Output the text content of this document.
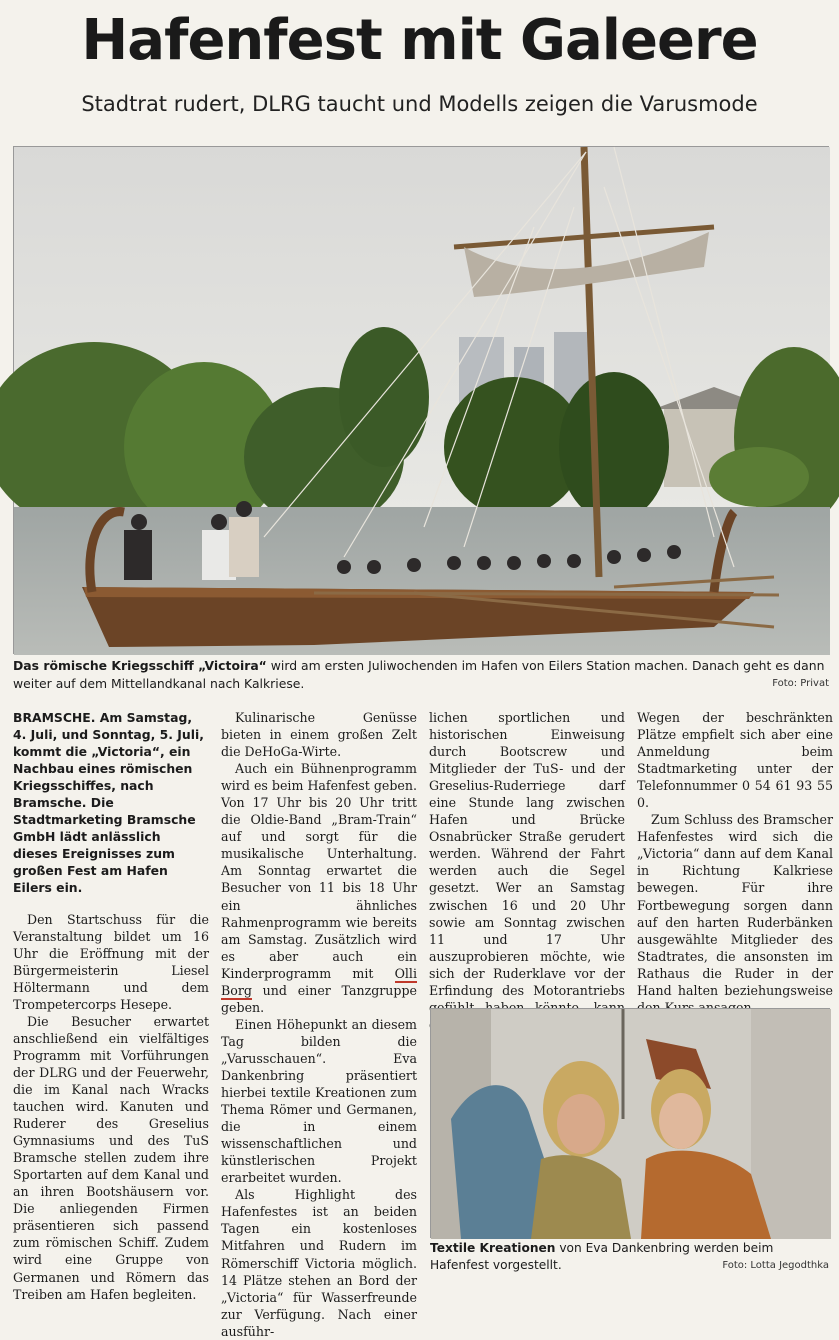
Hafenfest mit Galeere
Stadtrat rudert, DLRG taucht und Modells zeigen die Varusmode
Das römische Kriegsschiff „Victoira“ wird am ersten Juliwochenden im Hafen von Eilers Station machen. Danach geht es dann weiter auf dem Mittellandkanal nach Kalkriese.	Foto: Privat

BRAMSCHE. Am Samstag, 4. Juli, und Sonntag, 5. Juli, kommt die „Victoria“, ein Nachbau eines römischen Kriegsschiffes, nach Bramsche. Die Stadtmarketing Bramsche GmbH lädt anlässlich dieses Ereignisses zum großen Fest am Hafen Eilers ein.

Den Startschuss für die Veranstaltung bildet um 16 Uhr die Eröffnung mit der Bürgermeisterin Liesel Höltermann und dem Trompetercorps Hesepe.

Die Besucher erwartet anschließend ein vielfältiges Programm mit Vorführungen der DLRG und der Feuerwehr, die im Kanal nach Wracks tauchen wird. Kanuten und Ruderer des Greselius Gymnasiums und des TuS Bramsche stellen zudem ihre Sportarten auf dem Kanal und an ihren Bootshäusern vor. Die anliegenden Firmen präsentieren sich passend zum römischen Schiff. Zudem wird eine Gruppe von Germanen und Römern das Treiben am Hafen begleiten.

Kulinarische Genüsse bieten in einem großen Zelt die DeHoGa-Wirte.

Auch ein Bühnenprogramm wird es beim Hafenfest geben. Von 17 Uhr bis 20 Uhr tritt die Oldie-Band „Bram-Train“ auf und sorgt für die musikalische Unterhaltung. Am Sonntag erwartet die Besucher von 11 bis 18 Uhr ein ähnliches Rahmenprogramm wie bereits am Samstag. Zusätzlich wird es aber auch ein Kinderprogramm mit Olli Borg und einer Tanzgruppe geben.

Einen Höhepunkt an diesem Tag bilden die „Varusschauen“. Eva Dankenbring präsentiert hierbei textile Kreationen zum Thema Römer und Germanen, die in einem wissenschaftlichen und künstlerischen Projekt erarbeitet wurden.

Als Highlight des Hafenfestes ist an beiden Tagen ein kostenloses Mitfahren und Rudern im Römerschiff Victoria möglich. 14 Plätze stehen an Bord der „Victoria“ für Wasserfreunde zur Verfügung. Nach einer ausführ-

lichen sportlichen und historischen Einweisung durch Bootscrew und Mitglieder der TuS- und der Greselius-Ruderriege darf eine Stunde lang zwischen Hafen und Brücke Osnabrücker Straße gerudert werden. Während der Fahrt werden auch die Segel gesetzt. Wer an Samstag zwischen 16 und 20 Uhr sowie am Sonntag zwischen 11 und 17 Uhr auszuprobieren möchte, wie sich der Ruderklave vor der Erfindung des Motorantriebs

Wegen der beschränkten Plätze empfielt sich aber eine Anmeldung beim Stadtmarketing unter der Telefonnummer 0 54 61 93 55 0.

Zum Schluss des Bramscher Hafenfestes wird sich die „Victoria“ dann auf dem Kanal in Richtung Kalkriese bewegen. Für ihre Fortbewegung sorgen dann auf den harten Ruderbänken ausgewählte Mitglieder des Stadtrates, die ansonsten im Rathaus die Ruder in der Hand halten beziehungsweise

Textile Kreationen von Eva Dankenbring werden beim Hafenfest vorgestellt.	Foto: Lotta Jegodthka
